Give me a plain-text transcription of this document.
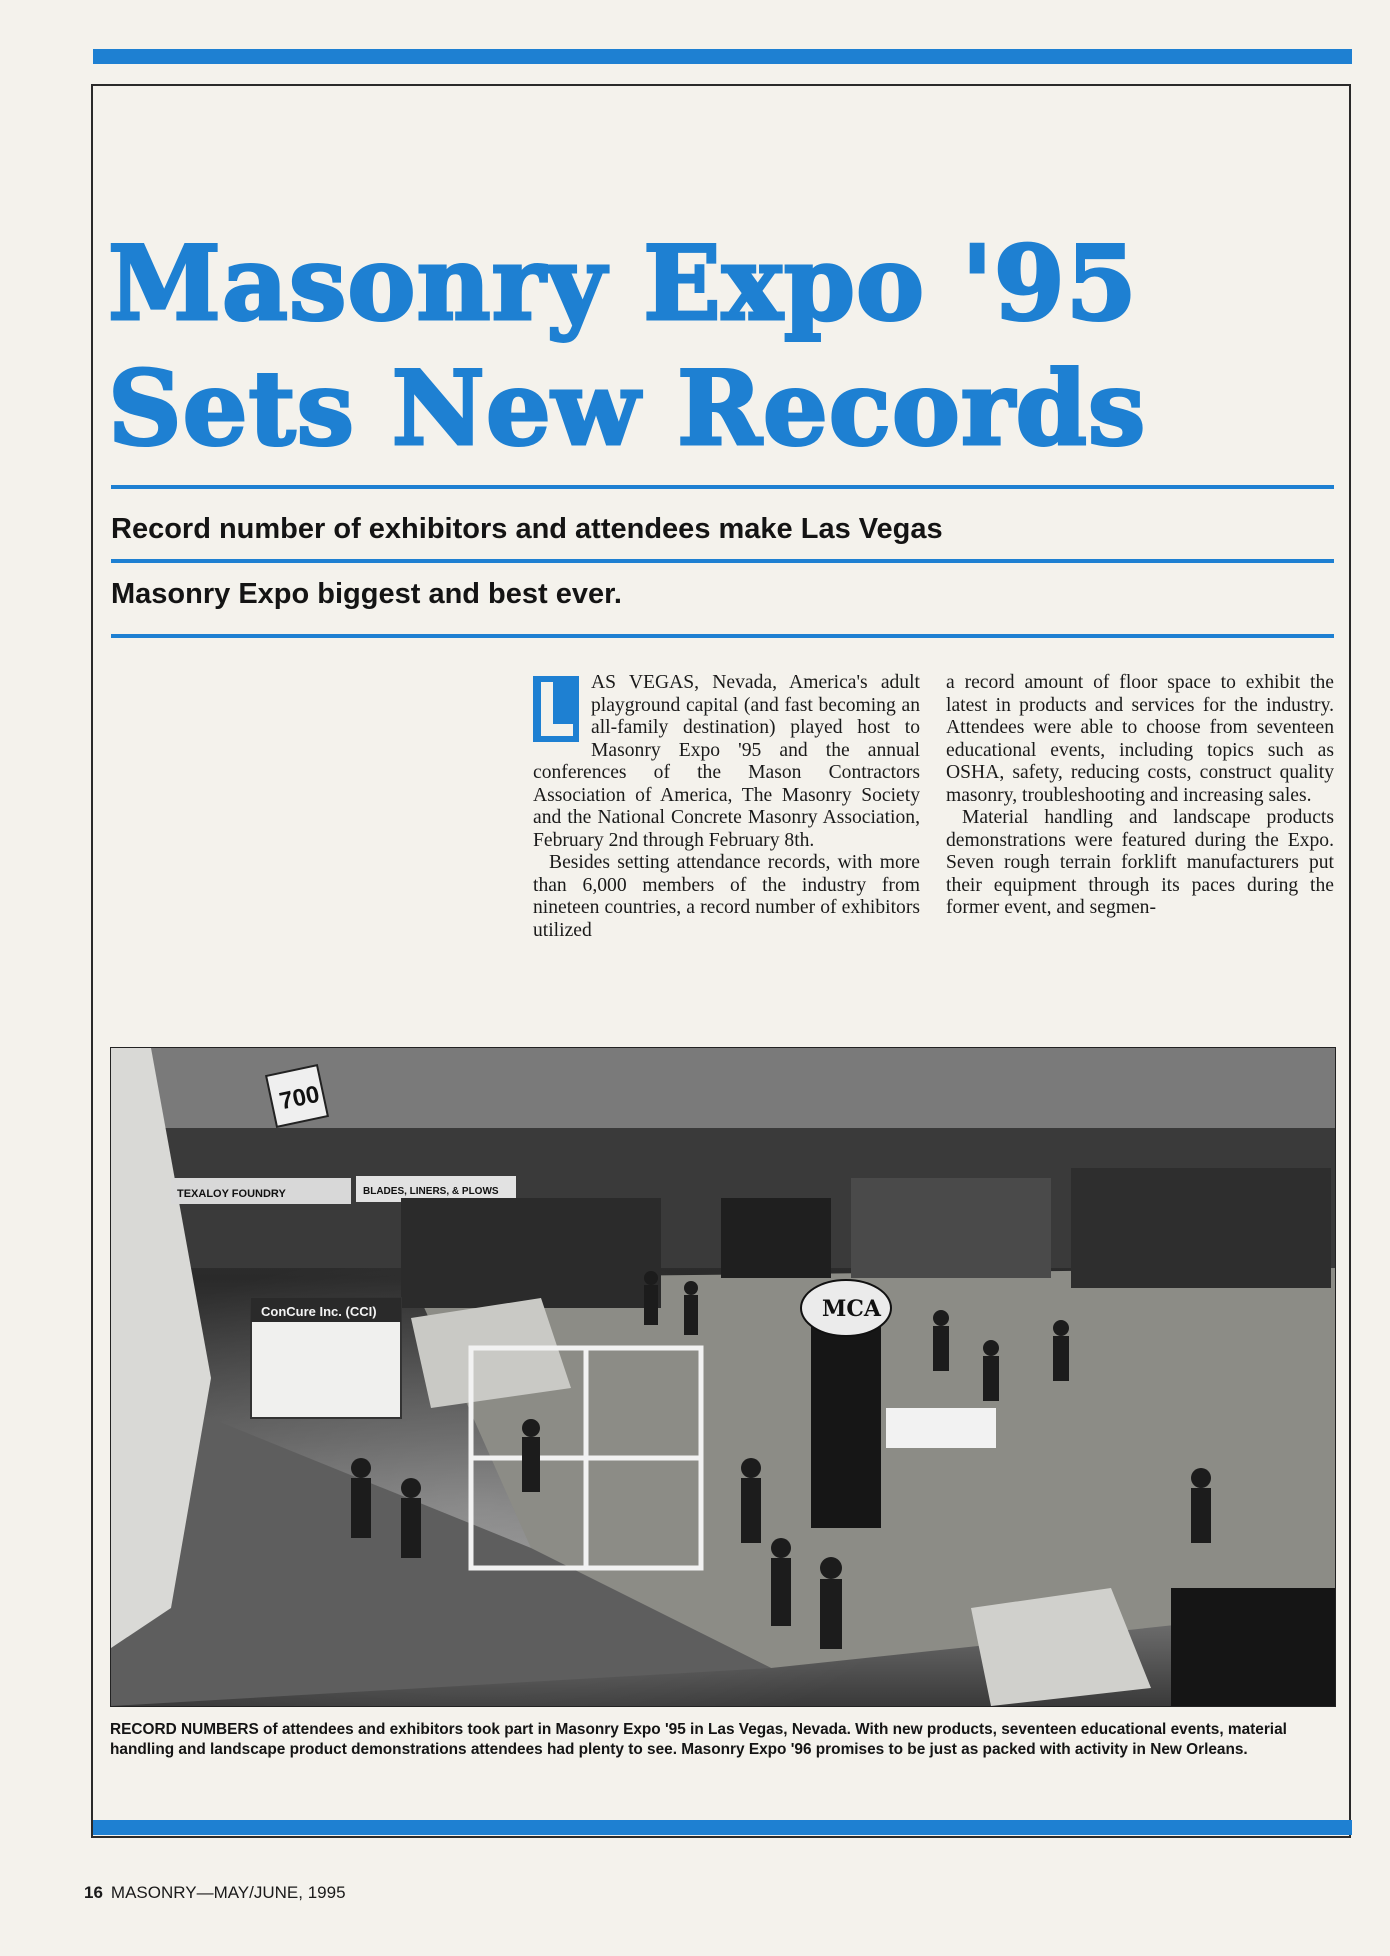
Masonry Expo '95
Sets New Records
Record number of exhibitors and attendees make Las Vegas
Masonry Expo biggest and best ever.

AS VEGAS, Nevada, America's adult playground capital (and fast becoming an all-family destination) played host to Masonry Expo '95 and the annual conferences of the Mason Contractors Association of America, The Masonry Society and the National Concrete Masonry Association, February 2nd through February 8th.

Besides setting attendance records, with more than 6,000 members of the industry from nineteen countries, a record number of exhibitors utilized

a record amount of floor space to exhibit the latest in products and services for the industry. Attendees were able to choose from seventeen educational events, including topics such as OSHA, safety, reducing costs, construct quality masonry, troubleshooting and increasing sales.

Material handling and landscape products demonstrations were featured during the Expo. Seven rough terrain forklift manufacturers put their equipment through its paces during the former event, and segmen-

700
TEXALOY FOUNDRY	BLADES, LINERS, & PLOWS
ConCure Inc. (CCI)	MCA

RECORD NUMBERS of attendees and exhibitors took part in Masonry Expo '95 in Las Vegas, Nevada. With new products, seventeen educational events, material handling and landscape product demonstrations attendees had plenty to see. Masonry Expo '96 promises to be just as packed with activity in New Orleans.

16 MASONRY—MAY/JUNE, 1995
